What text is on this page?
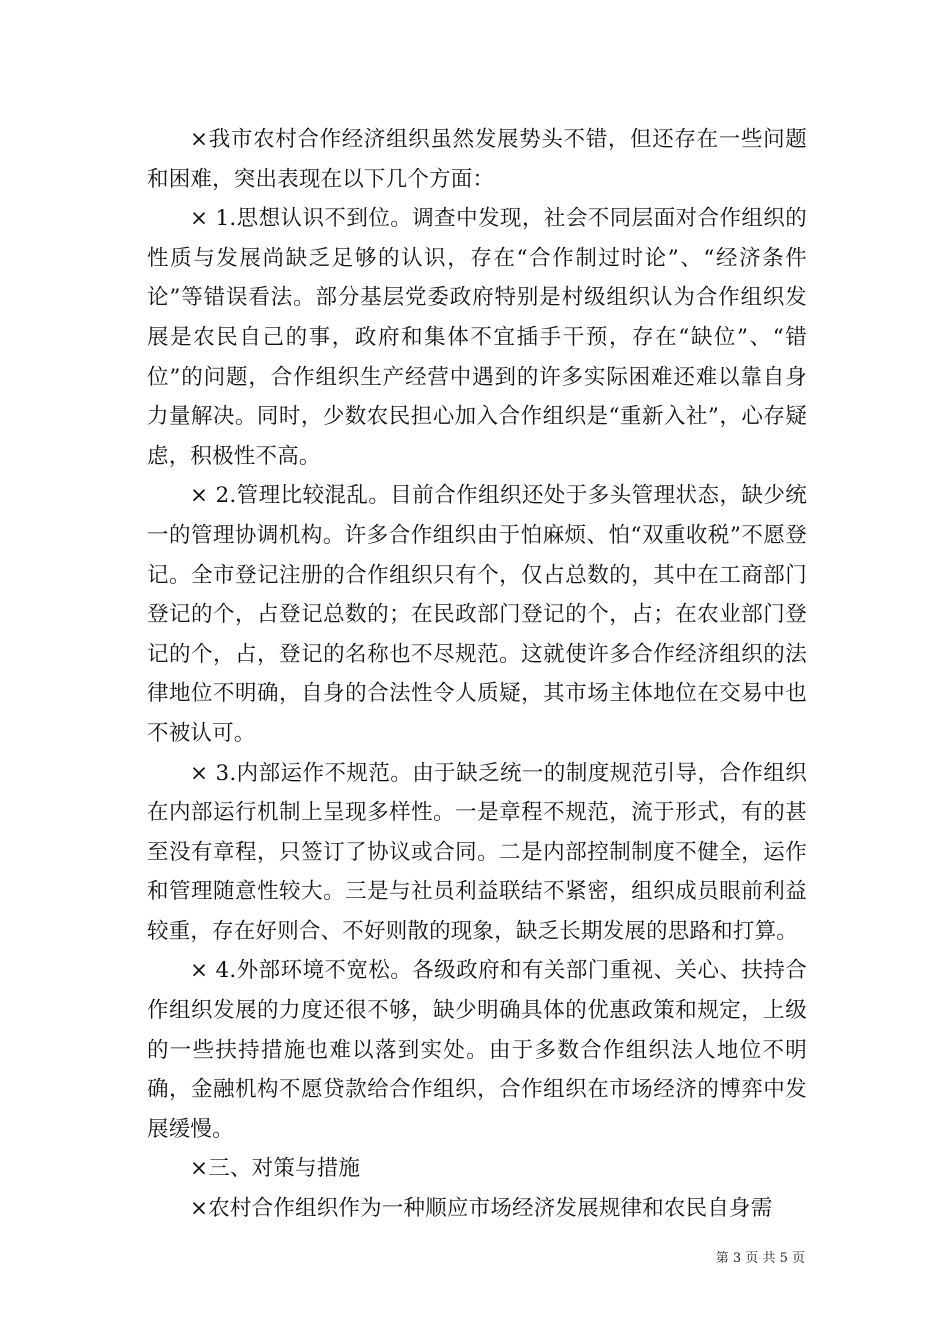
×我市农村合作经济组织虽然发展势头不错，但还存在一些问题和困难，突出表现在以下几个方面：

× 1.思想认识不到位。调查中发现，社会不同层面对合作组织的性质与发展尚缺乏足够的认识，存在“合作制过时论”、“经济条件论”等错误看法。部分基层党委政府特别是村级组织认为合作组织发展是农民自己的事，政府和集体不宜插手干预，存在“缺位”、“错位”的问题，合作组织生产经营中遇到的许多实际困难还难以靠自身力量解决。同时，少数农民担心加入合作组织是“重新入社”，心存疑虑，积极性不高。

× 2.管理比较混乱。目前合作组织还处于多头管理状态，缺少统一的管理协调机构。许多合作组织由于怕麻烦、怕“双重收税”不愿登记。全市登记注册的合作组织只有个，仅占总数的，其中在工商部门登记的个，占登记总数的；在民政部门登记的个，占；在农业部门登记的个，占，登记的名称也不尽规范。这就使许多合作经济组织的法律地位不明确，自身的合法性令人质疑，其市场主体地位在交易中也不被认可。

× 3.内部运作不规范。由于缺乏统一的制度规范引导，合作组织在内部运行机制上呈现多样性。一是章程不规范，流于形式，有的甚至没有章程，只签订了协议或合同。二是内部控制制度不健全，运作和管理随意性较大。三是与社员利益联结不紧密，组织成员眼前利益较重，存在好则合、不好则散的现象，缺乏长期发展的思路和打算。

× 4.外部环境不宽松。各级政府和有关部门重视、关心、扶持合作组织发展的力度还很不够，缺少明确具体的优惠政策和规定，上级的一些扶持措施也难以落到实处。由于多数合作组织法人地位不明确，金融机构不愿贷款给合作组织，合作组织在市场经济的博弈中发展缓慢。

×三、对策与措施

×农村合作组织作为一种顺应市场经济发展规律和农民自身需

第 3 页 共 5 页
